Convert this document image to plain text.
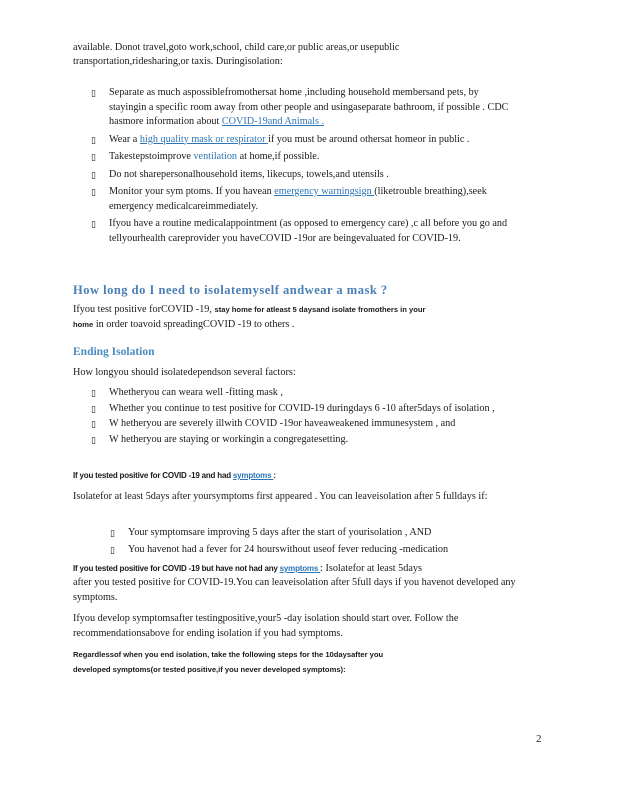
available. Donot travel,goto work,school, child care,or public areas,or usepublic

transportation,ridesharing,or taxis. Duringisolation:

▯ Separate as much aspossiblefromothersat home ,including household membersand pets, by stayingin a specific room away from other people and usingaseparate bathroom, if possible . CDC hasmore information about COVID-19and Animals .
▯ Wear a high quality mask or respirator if you must be around othersat homeor in public .
▯ Takestepstoimprove ventilation at home,if possible.
▯ Do not sharepersonalhousehold items, likecups, towels,and utensils .
▯ Monitor your sym ptoms. If you havean emergency warningsign (liketrouble breathing),seek emergency medicalcareimmediately.
▯ Ifyou have a routine medicalappointment (as opposed to emergency care) ,c all before you go and tellyourhealth careprovider you haveCOVID -19or are beingevaluated for COVID-19.
How long do I need to isolatemyself andwear a mask ?

Ifyou test positive forCOVID -19, stay home for atleast 5 daysand isolate fromothers in your
home in order toavoid spreadingCOVID -19 to others .

Ending Isolation

How longyou should isolatedependson several factors:

▯ Whetheryou can weara well -fitting mask ,
▯ Whether you continue to test positive for COVID-19 duringdays 6 -10 after5days of isolation ,
▯ W hetheryou are severely illwith COVID -19or haveaweakened immunesystem , and
▯ W hetheryou are staying or workingin a congregatesetting.

If you tested positive for COVID -19 and had symptoms :

Isolatefor at least 5days after yoursymptoms first appeared . You can leaveisolation after 5 fulldays if:

▯ Your symptomsare improving 5 days after the start of yourisolation , AND
▯ You havenot had a fever for 24 hourswithout useof fever reducing -medication

If you tested positive for COVID -19 but have not had any symptoms : Isolatefor at least 5days

after you tested positive for COVID-19.You can leaveisolation after 5full days if you havenot developed any symptoms.

Ifyou develop symptomsafter testingpositive,your5 -day isolation should start over. Follow the recommendationsabove for ending isolation if you had symptoms.

Regardlessof when you end isolation, take the following steps for the 10daysafter you

developed symptoms(or tested positive,if you never developed symptoms):

2
